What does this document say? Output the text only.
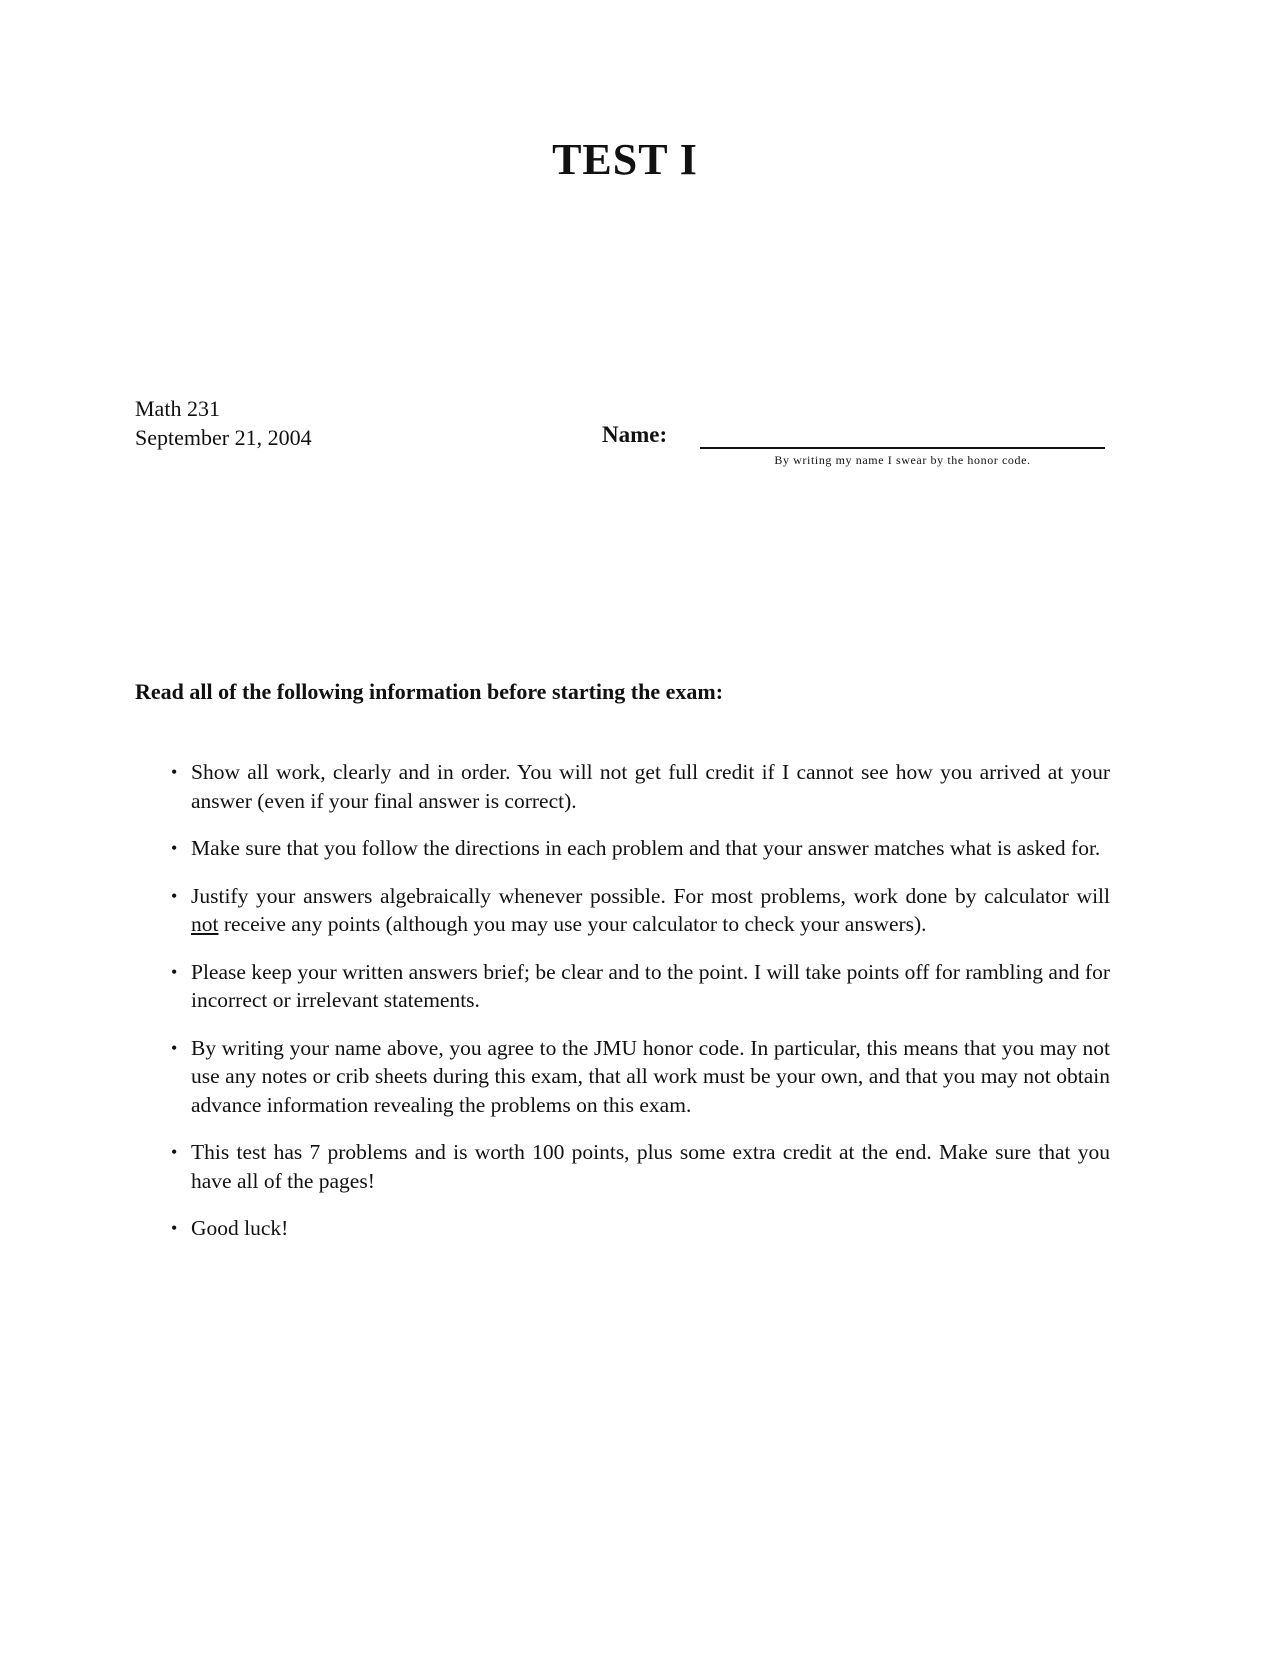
TEST I
Math 231
September 21, 2004	Name:
By writing my name I swear by the honor code.
Read all of the following information before starting the exam:
• Show all work, clearly and in order. You will not get full credit if I cannot see how you arrived at your answer (even if your final answer is correct).
• Make sure that you follow the directions in each problem and that your answer matches what is asked for.
• Justify your answers algebraically whenever possible. For most problems, work done by calculator will not receive any points (although you may use your calculator to check your answers).
• Please keep your written answers brief; be clear and to the point. I will take points off for rambling and for incorrect or irrelevant statements.
• By writing your name above, you agree to the JMU honor code. In particular, this means that you may not use any notes or crib sheets during this exam, that all work must be your own, and that you may not obtain advance information revealing the problems on this exam.
• This test has 7 problems and is worth 100 points, plus some extra credit at the end. Make sure that you have all of the pages!
• Good luck!
